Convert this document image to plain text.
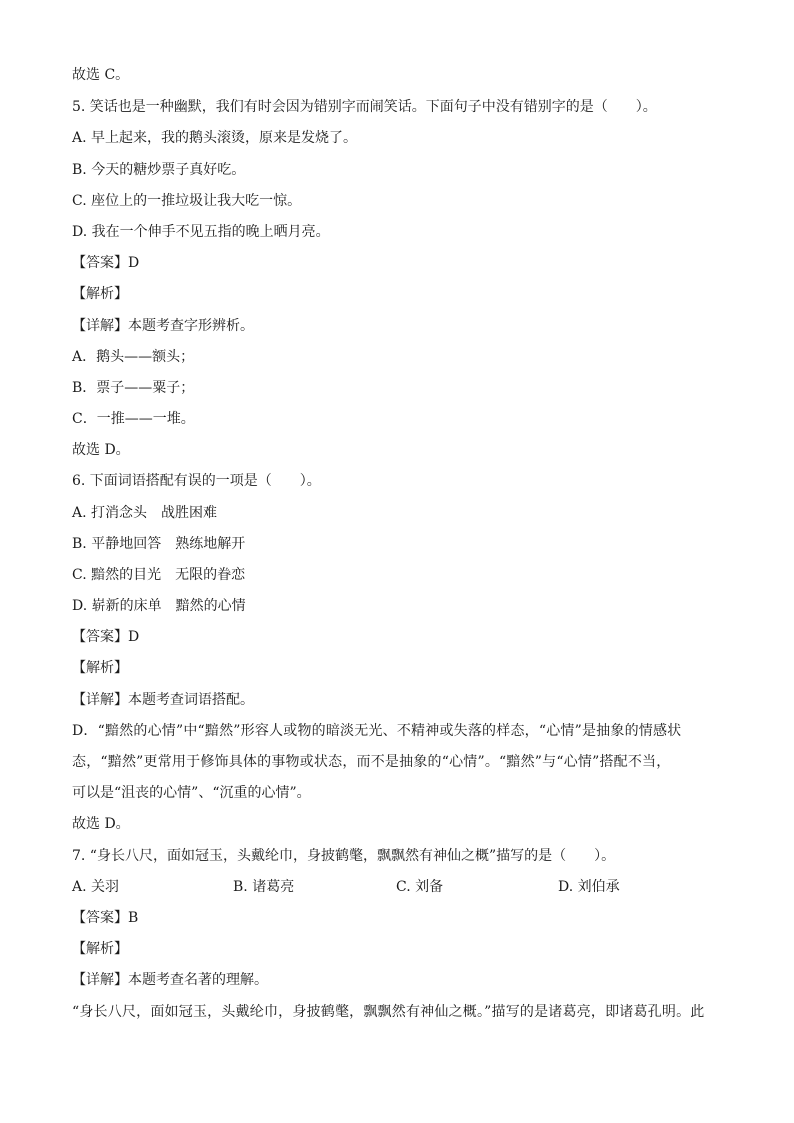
故选 C。
5. 笑话也是一种幽默，我们有时会因为错别字而闹笑话。下面句子中没有错别字的是（　　）。
A. 早上起来，我的鹅头滚烫，原来是发烧了。
B. 今天的糖炒票子真好吃。
C. 座位上的一推垃圾让我大吃一惊。
D. 我在一个伸手不见五指的晚上晒月亮。
【答案】D
【解析】
【详解】本题考查字形辨析。
A．鹅头——额头；
B．票子——粟子；
C．一推——一堆。
故选 D。
6. 下面词语搭配有误的一项是（　　）。
A. 打消念头　战胜困难
B. 平静地回答　熟练地解开
C. 黯然的目光　无限的眷恋
D. 崭新的床单　黯然的心情
【答案】D
【解析】
【详解】本题考查词语搭配。
D．“黯然的心情”中“黯然”形容人或物的暗淡无光、不精神或失落的样态，“心情”是抽象的情感状
态，“黯然”更常用于修饰具体的事物或状态，而不是抽象的“心情”。“黯然”与“心情”搭配不当，
可以是“沮丧的心情”、“沉重的心情”。
故选 D。
7. “身长八尺，面如冠玉，头戴纶巾，身披鹤氅，飘飘然有神仙之概”描写的是（　　）。
A. 关羽	B. 诸葛亮	C. 刘备	D. 刘伯承
【答案】B
【解析】
【详解】本题考查名著的理解。
“身长八尺，面如冠玉，头戴纶巾，身披鹤氅，飘飘然有神仙之概。”描写的是诸葛亮，即诸葛孔明。此
